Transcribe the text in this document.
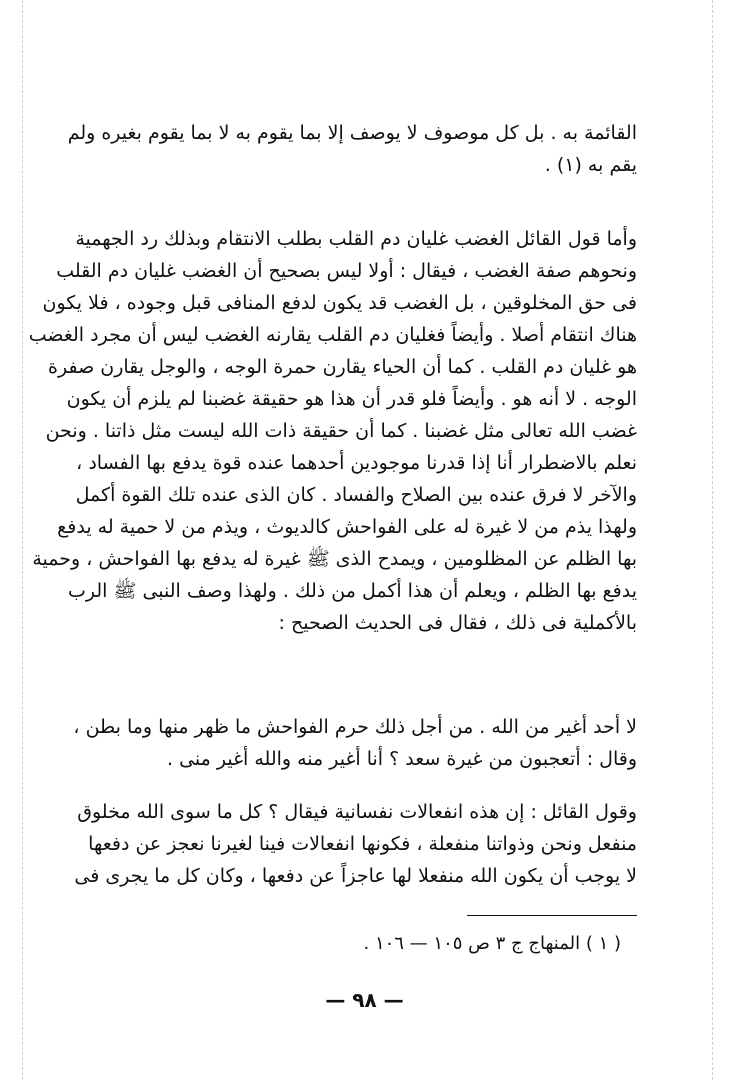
القائمة به . بل كل موصوف لا يوصف إلا بما يقوم به لا بما يقوم بغيره ولم
يقم به (١) .
وأما قول القائل الغضب غليان دم القلب بطلب الانتقام وبذلك رد الجهمية
ونحوهم صفة الغضب ، فيقال : أولا ليس بصحيح أن الغضب غليان دم القلب
فى حق المخلوقين ، بل الغضب قد يكون لدفع المنافى قبل وجوده ، فلا يكون
هناك انتقام أصلا . وأيضاً فغليان دم القلب يقارنه الغضب ليس أن مجرد الغضب
هو غليان دم القلب . كما أن الحياء يقارن حمرة الوجه ، والوجل يقارن صفرة
الوجه . لا أنه هو . وأيضاً فلو قدر أن هذا هو حقيقة غضبنا لم يلزم أن يكون
غضب الله تعالى مثل غضبنا . كما أن حقيقة ذات الله ليست مثل ذاتنا . ونحن
نعلم بالاضطرار أنا إذا قدرنا موجودين أحدهما عنده قوة يدفع بها الفساد ،
والآخر لا فرق عنده بين الصلاح والفساد . كان الذى عنده تلك القوة أكمل
ولهذا يذم من لا غيرة له على الفواحش كالديوث ، ويذم من لا حمية له يدفع
بها الظلم عن المظلومين ، ويمدح الذى ﷺ غيرة له يدفع بها الفواحش ، وحمية
يدفع بها الظلم ، ويعلم أن هذا أكمل من ذلك . ولهذا وصف النبى ﷺ الرب
بالأكملية فى ذلك ، فقال فى الحديث الصحيح :
لا أحد أغير من الله . من أجل ذلك حرم الفواحش ما ظهر منها وما بطن ،
وقال : أتعجبون من غيرة سعد ؟ أنا أغير منه والله أغير منى .
وقول القائل : إن هذه انفعالات نفسانية فيقال ؟ كل ما سوى الله مخلوق
منفعل ونحن وذواتنا منفعلة ، فكونها انفعالات فينا لغيرنا نعجز عن دفعها
لا يوجب أن يكون الله منفعلا لها عاجزاً عن دفعها ، وكان كل ما يجرى فى
( ١ ) المنهاج ج ٣ ص ١٠٥ — ١٠٦ .
— ٩٨ —
